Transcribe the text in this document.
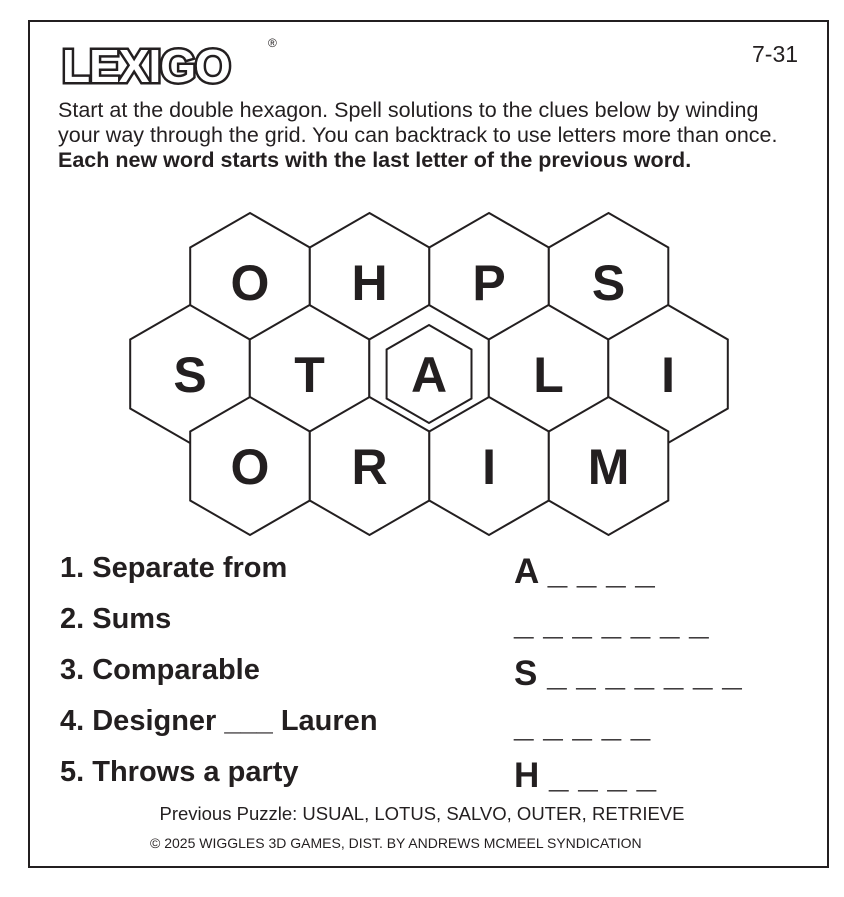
LEXIGO	®	7-31
Start at the double hexagon. Spell solutions to the clues below by winding your way through the grid. You can backtrack to use letters more than once. Each new word starts with the last letter of the previous word.
O H P S
S T A L I
O R I M
1. Separate from	A _ _ _ _
2. Sums	_ _ _ _ _ _ _
3. Comparable	S _ _ _ _ _ _ _
4. Designer ___ Lauren	_ _ _ _ _
5. Throws a party	H _ _ _ _
Previous Puzzle: USUAL, LOTUS, SALVO, OUTER, RETRIEVE
© 2025 WIGGLES 3D GAMES, DIST. BY ANDREWS MCMEEL SYNDICATION
